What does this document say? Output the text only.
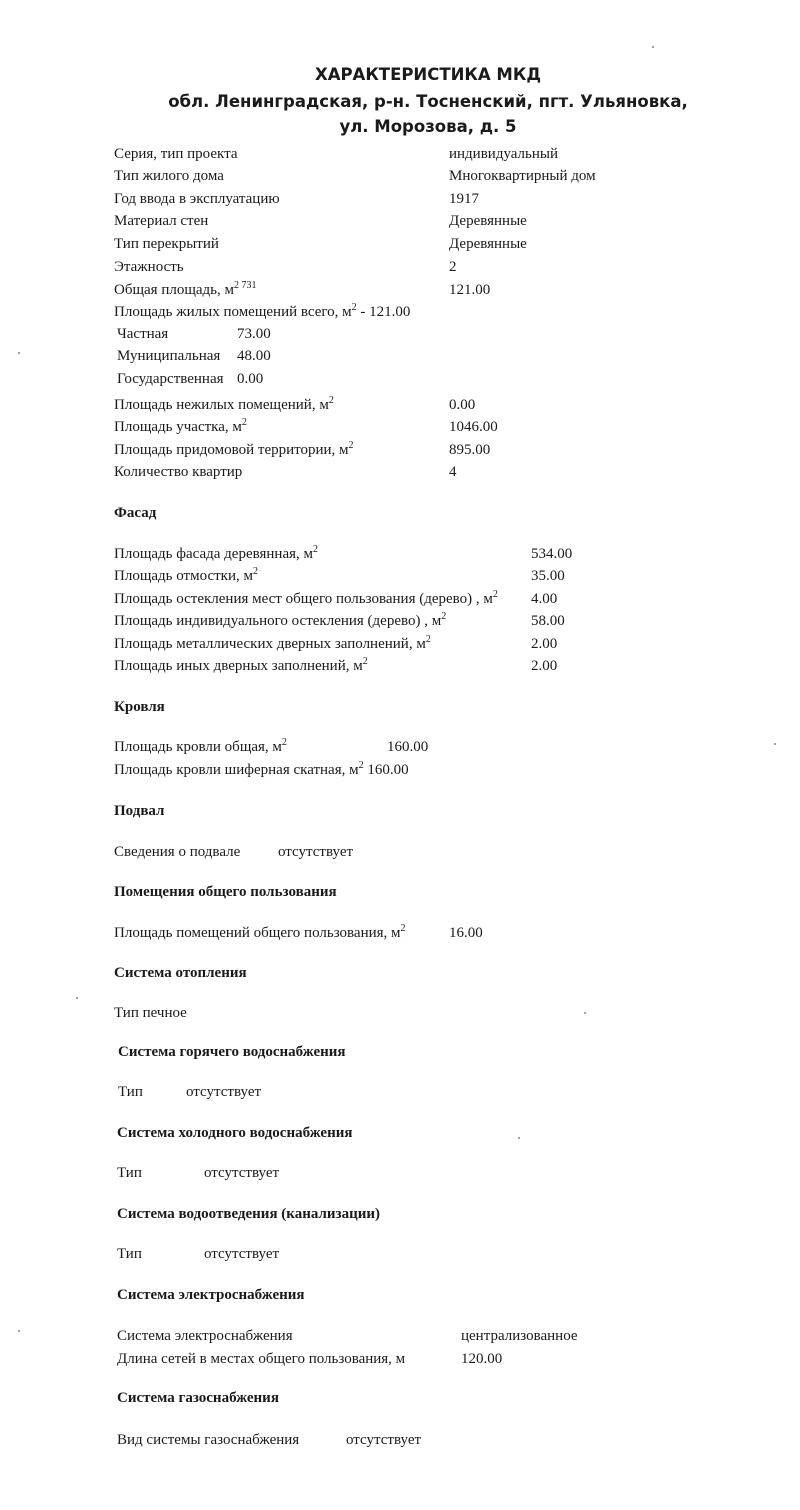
ХАРАКТЕРИСТИКА МКД
обл. Ленинградская, р-н. Тосненский, пгт. Ульяновка,
ул. Морозова, д. 5
Серия, тип проекта	индивидуальный
Тип жилого дома	Многоквартирный дом
Год ввода в эксплуатацию	1917
Материал стен	Деревянные
Тип перекрытий	Деревянные
Этажность	2
Общая площадь, $м^{2 731}$	121.00
Площадь жилых помещений всего, $м^2 - 121.00$
Частная	73.00
Муниципальная 48.00
Государственная 0.00
Площадь нежилых помещений, $м^2$	0.00
Площадь участка, $м^2$	1046.00
Площадь придомовой территории, $м^2$	895.00
Количество квартир	4
Фасад
Площадь фасада деревянная, $м^2$	534.00
Площадь отмостки, $м^2$	35.00
Площадь остекления мест общего пользования (дерево) , $м^2$ 4.00
Площадь индивидуального остекления (дерево) , $м^2$	58.00
Площадь металлических дверных заполнений, $м^2$	2.00
Площадь иных дверных заполнений, $м^2$	2.00
Кровля
Площадь кровли общая, $м^2$	160.00
Площадь кровли шиферная скатная, $м^2$ 160.00
Подвал
Сведения о подвале	отсутствует
Помещения общего пользования
Площадь помещений общего пользования, $м^2$	16.00
Система отопления
Тип печное
Система горячего водоснабжения
Тип	отсутствует
Система холодного водоснабжения
Тип	отсутствует
Система водоотведения (канализации)
Тип	отсутствует
Система электроснабжения
Система электроснабжения	централизованное
Длина сетей в местах общего пользования, м	120.00
Система газоснабжения
Вид системы газоснабжения	отсутствует
